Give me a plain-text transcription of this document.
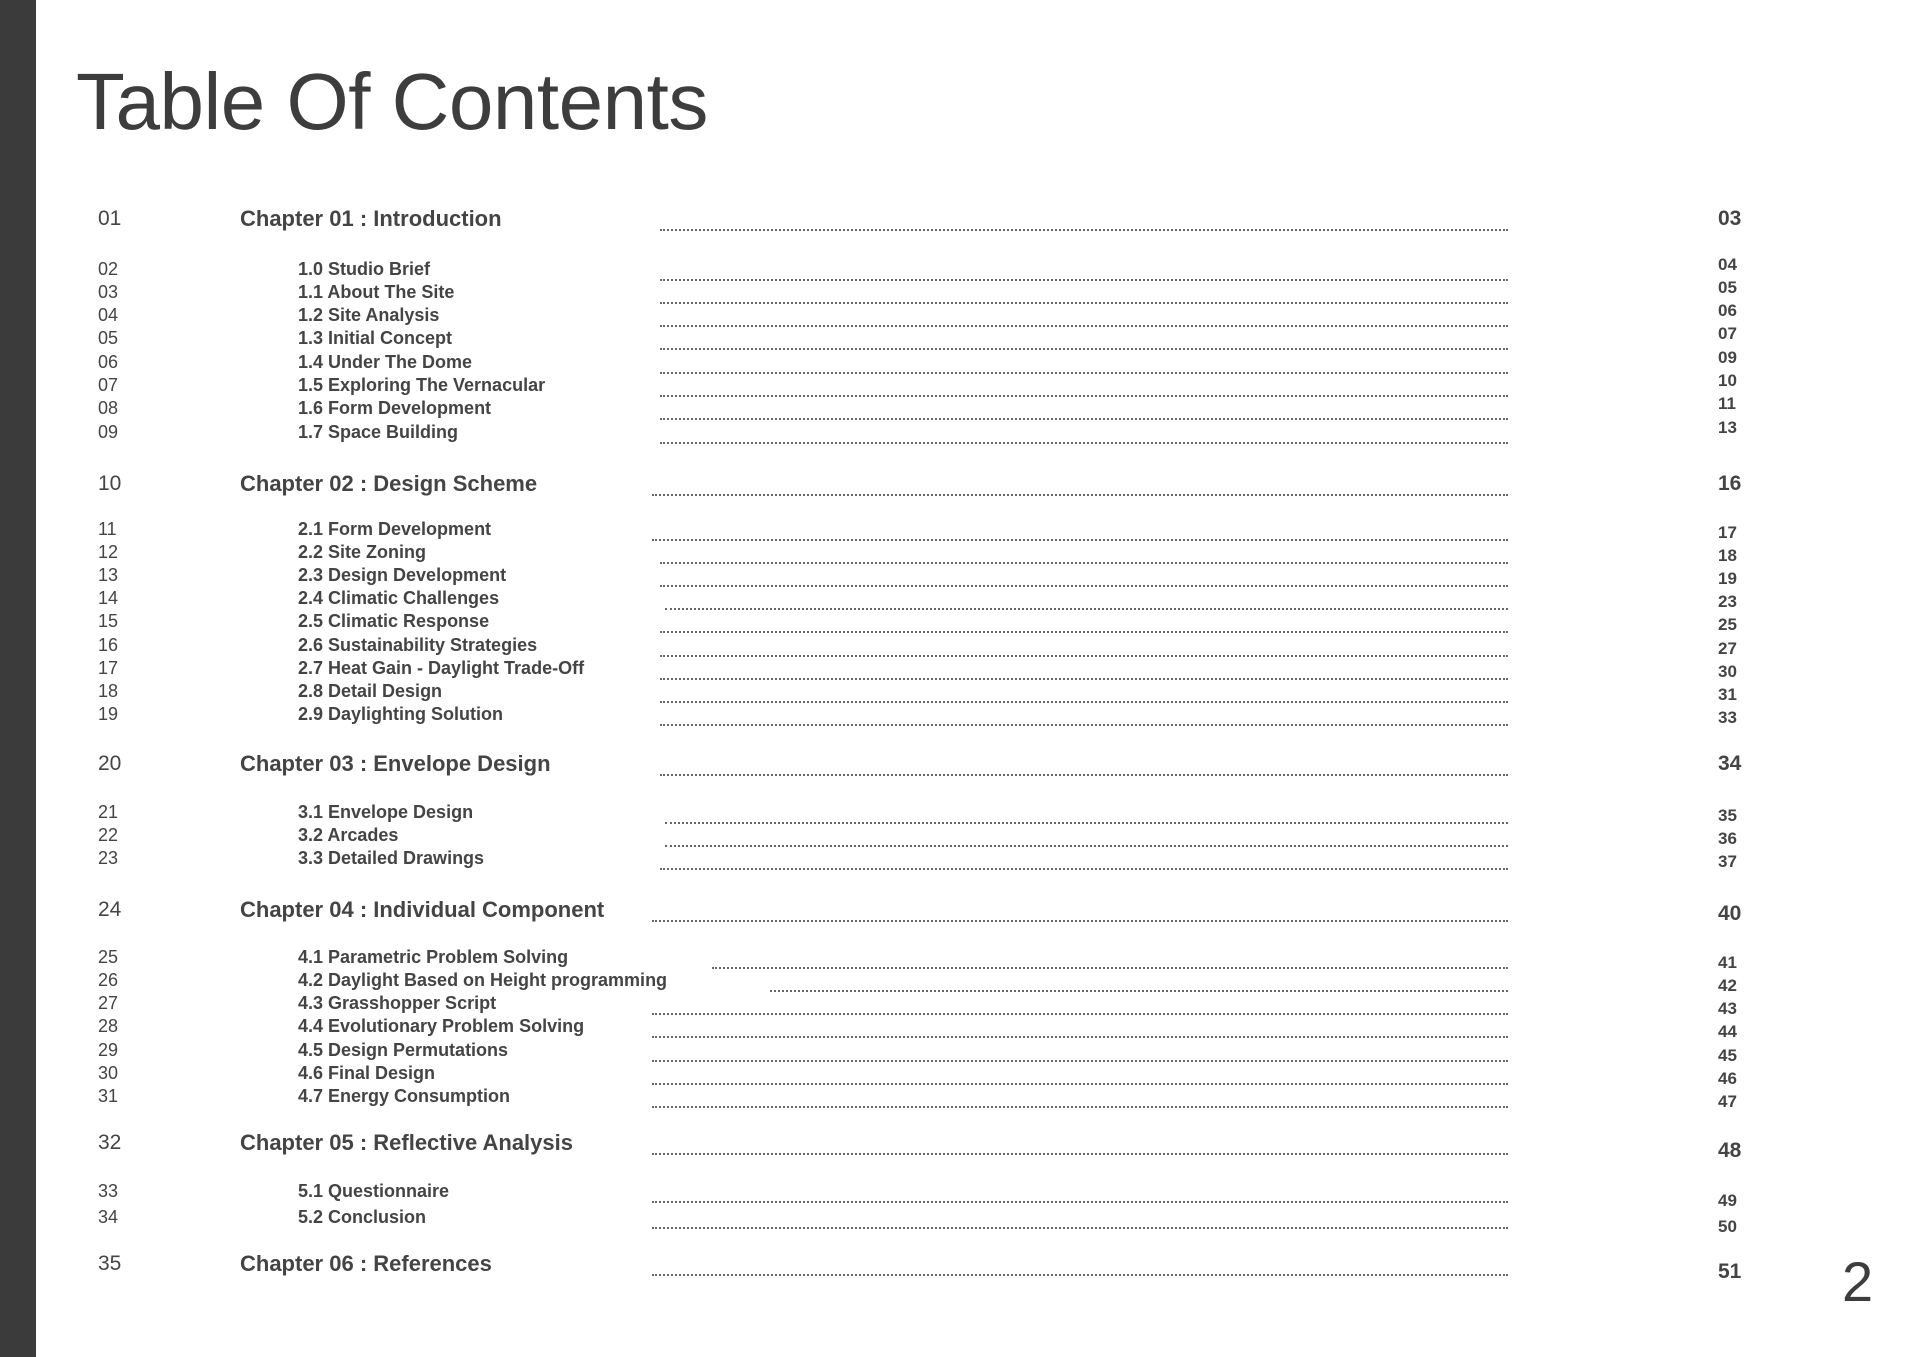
Table Of Contents
01	Chapter 01 : Introduction	03
02	1.0 Studio Brief	04
03	1.1 About The Site	05
04	1.2 Site Analysis	06
05	1.3 Initial Concept	07
06	1.4 Under The Dome	09
07	1.5 Exploring The Vernacular	10
08	1.6 Form Development	11
09	1.7 Space Building	13
10	Chapter 02 : Design Scheme	16
11	2.1 Form Development	17
12	2.2 Site Zoning	18
13	2.3 Design Development	19
14	2.4 Climatic Challenges	23
15	2.5 Climatic Response	25
16	2.6 Sustainability Strategies	27
17	2.7 Heat Gain - Daylight Trade-Off	30
18	2.8 Detail Design	31
19	2.9 Daylighting Solution	33
20	Chapter 03 : Envelope Design	34
21	3.1 Envelope Design	35
22	3.2 Arcades	36
23	3.3 Detailed Drawings	37
24	Chapter 04 : Individual Component	40
25	4.1 Parametric Problem Solving	41
26	4.2 Daylight Based on Height programming	42
27	4.3 Grasshopper Script	43
28	4.4 Evolutionary Problem Solving	44
29	4.5 Design Permutations	45
30	4.6 Final Design	46
31	4.7 Energy Consumption	47
32	Chapter 05 : Reflective Analysis	48
33	5.1 Questionnaire	49
34	5.2 Conclusion	50
35	Chapter 06 : References	51	2
